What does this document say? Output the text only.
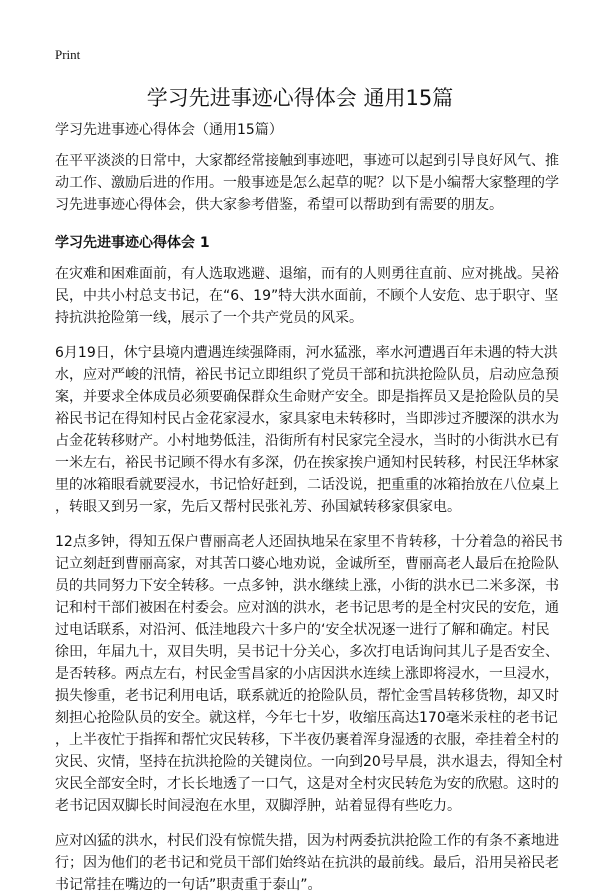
Print
学习先进事迹心得体会 通用15篇
学习先进事迹心得体会（通用15篇）
在平平淡淡的日常中，大家都经常接触到事迹吧，事迹可以起到引导良好风气、推
动工作、激励后进的作用。一般事迹是怎么起草的呢？以下是小编帮大家整理的学
习先进事迹心得体会，供大家参考借鉴，希望可以帮助到有需要的朋友。
学习先进事迹心得体会 1
在灾难和困难面前，有人选取逃避、退缩，而有的人则勇往直前、应对挑战。吴裕
民，中共小村总支书记，在“6、19”特大洪水面前，不顾个人安危、忠于职守、坚
持抗洪抢险第一线，展示了一个共产党员的风采。
6月19日，休宁县境内遭遇连续强降雨，河水猛涨，率水河遭遇百年未遇的特大洪
水，应对严峻的汛情，裕民书记立即组织了党员干部和抗洪抢险队员，启动应急预
案，并要求全体成员必须要确保群众生命财产安全。即是指挥员又是抢险队员的吴
裕民书记在得知村民占金花家浸水，家具家电未转移时，当即涉过齐腰深的洪水为
占金花转移财产。小村地势低洼，沿街所有村民家完全浸水，当时的小街洪水已有
一米左右，裕民书记顾不得水有多深，仍在挨家挨户通知村民转移，村民汪华林家
里的冰箱眼看就要浸水，书记恰好赶到，二话没说，把重重的冰箱抬放在八位桌上
，转眼又到另一家，先后又帮村民张礼芳、孙国斌转移家俱家电。
12点多钟，得知五保户曹丽高老人还固执地呆在家里不肯转移，十分着急的裕民书
记立刻赶到曹丽高家，对其苦口婆心地劝说，金诚所至，曹丽高老人最后在抢险队
员的共同努力下安全转移。一点多钟，洪水继续上涨，小街的洪水已二米多深，书
记和村干部们被困在村委会。应对汹的洪水，老书记思考的是全村灾民的安危，通
过电话联系，对沿河、低洼地段六十多户的‘安全状况逐一进行了解和确定。村民
徐田，年届九十，双目失明，吴书记十分关心，多次打电话询问其儿子是否安全、
是否转移。两点左右，村民金雪昌家的小店因洪水连续上涨即将浸水，一旦浸水，
损失惨重，老书记利用电话，联系就近的抢险队员，帮忙金雪昌转移货物，却又时
刻担心抢险队员的安全。就这样，今年七十岁，收缩压高达170毫米汞柱的老书记
，上半夜忙于指挥和帮忙灾民转移，下半夜仍裹着浑身湿透的衣服，牵挂着全村的
灾民、灾情，坚持在抗洪抢险的关键岗位。一向到20号早晨，洪水退去，得知全村
灾民全部安全时，才长长地透了一口气，这是对全村灾民转危为安的欣慰。这时的
老书记因双脚长时间浸泡在水里，双脚浮肿，站着显得有些吃力。
应对凶猛的洪水，村民们没有惊慌失措，因为村两委抗洪抢险工作的有条不紊地进
行；因为他们的老书记和党员干部们始终站在抗洪的最前线。最后，沿用吴裕民老
书记常挂在嘴边的一句话”职责重于泰山”。
